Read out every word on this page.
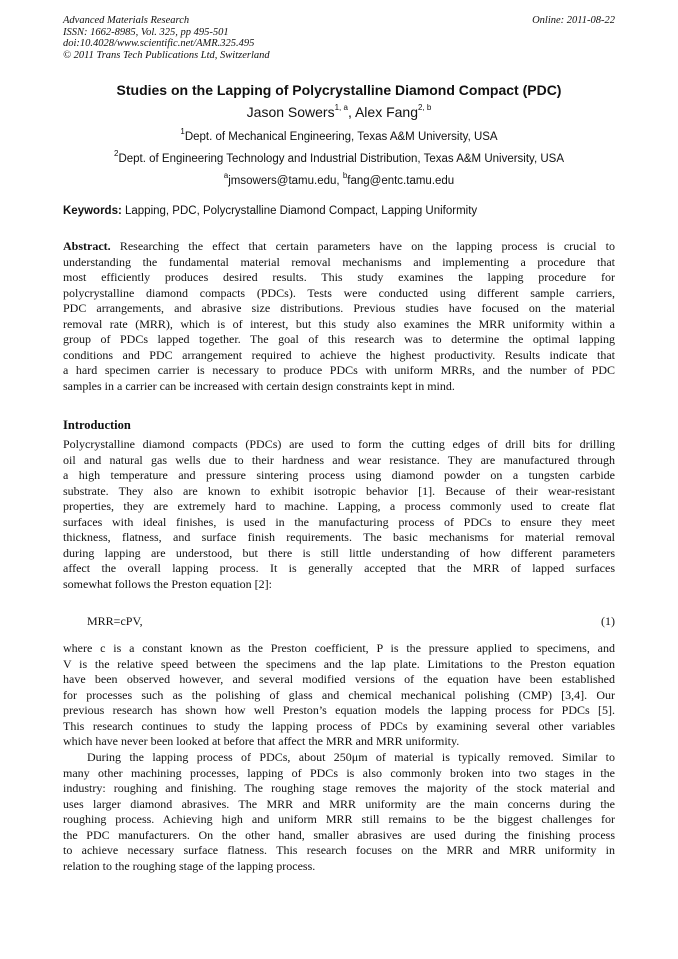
Advanced Materials Research
ISSN: 1662-8985, Vol. 325, pp 495-501
doi:10.4028/www.scientific.net/AMR.325.495
© 2011 Trans Tech Publications Ltd, Switzerland
Online: 2011-08-22
Studies on the Lapping of Polycrystalline Diamond Compact (PDC)
Jason Sowers$^{1, a}$, Alex Fang$^{2, b}$
$^1$Dept. of Mechanical Engineering, Texas A&M University, USA
$^2$Dept. of Engineering Technology and Industrial Distribution, Texas A&M University, USA
$^a$jmsowers@tamu.edu, $^b$fang@entc.tamu.edu
Keywords: Lapping, PDC, Polycrystalline Diamond Compact, Lapping Uniformity
Abstract. Researching the effect that certain parameters have on the lapping process is crucial to
understanding the fundamental material removal mechanisms and implementing a procedure that
most efficiently produces desired results. This study examines the lapping procedure for
polycrystalline diamond compacts (PDCs). Tests were conducted using different sample carriers,
PDC arrangements, and abrasive size distributions. Previous studies have focused on the material
removal rate (MRR), which is of interest, but this study also examines the MRR uniformity within a
group of PDCs lapped together. The goal of this research was to determine the optimal lapping
conditions and PDC arrangement required to achieve the highest productivity. Results indicate that
a hard specimen carrier is necessary to produce PDCs with uniform MRRs, and the number of PDC
samples in a carrier can be increased with certain design constraints kept in mind.
Introduction
Polycrystalline diamond compacts (PDCs) are used to form the cutting edges of drill bits for drilling
oil and natural gas wells due to their hardness and wear resistance. They are manufactured through
a high temperature and pressure sintering process using diamond powder on a tungsten carbide
substrate. They also are known to exhibit isotropic behavior [1]. Because of their wear-resistant
properties, they are extremely hard to machine. Lapping, a process commonly used to create flat
surfaces with ideal finishes, is used in the manufacturing process of PDCs to ensure they meet
thickness, flatness, and surface finish requirements. The basic mechanisms for material removal
during lapping are understood, but there is still little understanding of how different parameters
affect the overall lapping process. It is generally accepted that the MRR of lapped surfaces
somewhat follows the Preston equation [2]:
MRR=cPV,	(1)
where c is a constant known as the Preston coefficient, P is the pressure applied to specimens, and
V is the relative speed between the specimens and the lap plate. Limitations to the Preston equation
have been observed however, and several modified versions of the equation have been established
for processes such as the polishing of glass and chemical mechanical polishing (CMP) [3,4]. Our
previous research has shown how well Preston’s equation models the lapping process for PDCs [5].
This research continues to study the lapping process of PDCs by examining several other variables
which have never been looked at before that affect the MRR and MRR uniformity.
During the lapping process of PDCs, about 250μm of material is typically removed. Similar to
many other machining processes, lapping of PDCs is also commonly broken into two stages in the
industry: roughing and finishing. The roughing stage removes the majority of the stock material and
uses larger diamond abrasives. The MRR and MRR uniformity are the main concerns during the
roughing process. Achieving high and uniform MRR still remains to be the biggest challenges for
the PDC manufacturers. On the other hand, smaller abrasives are used during the finishing process
to achieve necessary surface flatness. This research focuses on the MRR and MRR uniformity in
relation to the roughing stage of the lapping process.
